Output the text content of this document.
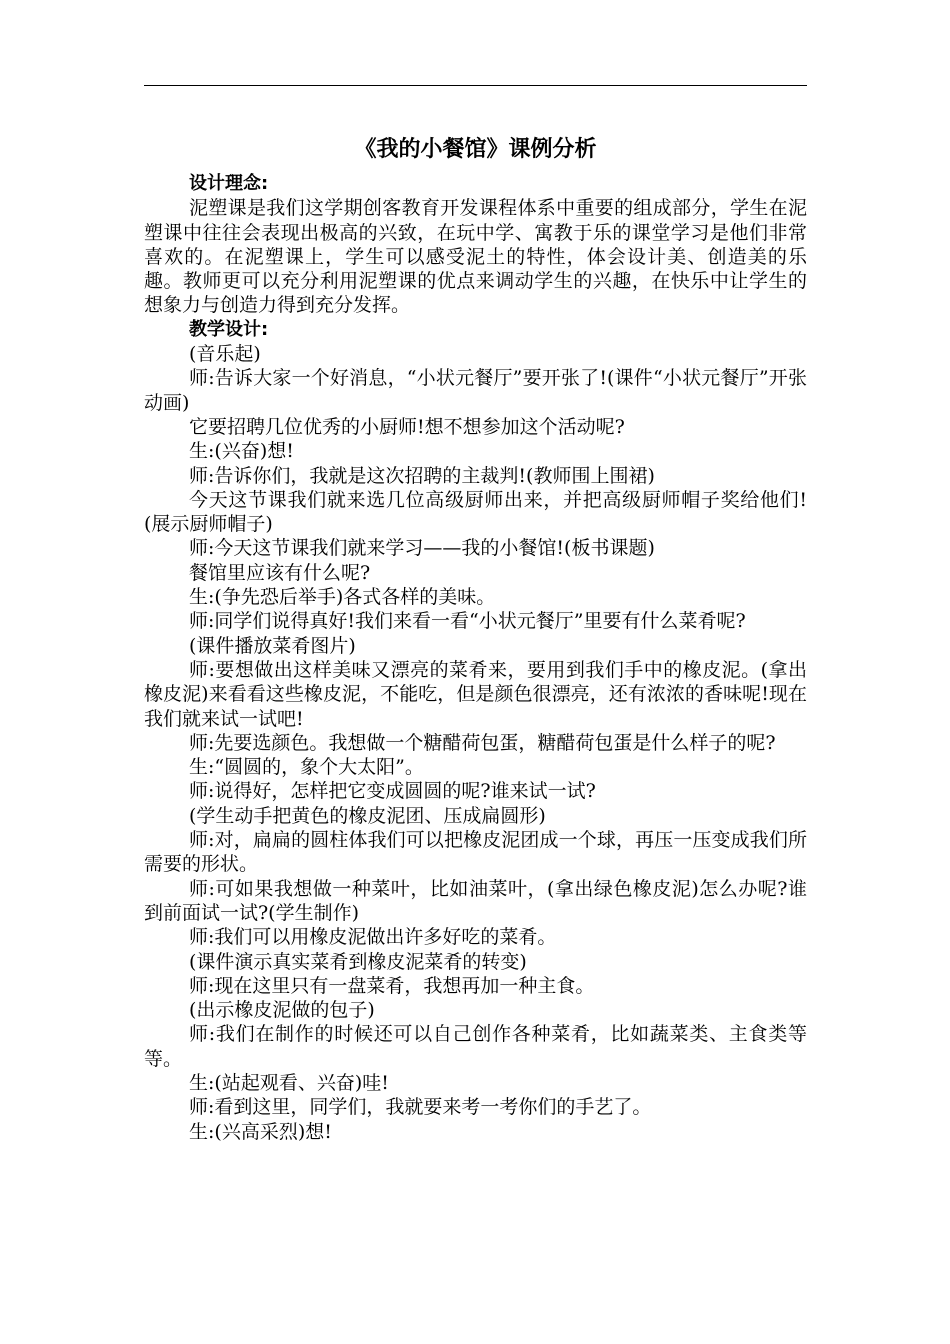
《我的小餐馆》课例分析

设计理念:

泥塑课是我们这学期创客教育开发课程体系中重要的组成部分，学生在泥塑课中往往会表现出极高的兴致，在玩中学、寓教于乐的课堂学习是他们非常喜欢的。在泥塑课上，学生可以感受泥土的特性，体会设计美、创造美的乐趣。教师更可以充分利用泥塑课的优点来调动学生的兴趣，在快乐中让学生的想象力与创造力得到充分发挥。

教学设计:

(音乐起)

师:告诉大家一个好消息，“小状元餐厅”要开张了!(课件“小状元餐厅”开张动画)

它要招聘几位优秀的小厨师!想不想参加这个活动呢?

生:(兴奋)想!

师:告诉你们，我就是这次招聘的主裁判!(教师围上围裙)

今天这节课我们就来选几位高级厨师出来，并把高级厨师帽子奖给他们!(展示厨师帽子)

师:今天这节课我们就来学习——我的小餐馆!(板书课题)

餐馆里应该有什么呢?

生:(争先恐后举手)各式各样的美味。

师:同学们说得真好!我们来看一看“小状元餐厅”里要有什么菜肴呢?

(课件播放菜肴图片)

师:要想做出这样美味又漂亮的菜肴来，要用到我们手中的橡皮泥。(拿出橡皮泥)来看看这些橡皮泥，不能吃，但是颜色很漂亮，还有浓浓的香味呢!现在我们就来试一试吧!

师:先要选颜色。我想做一个糖醋荷包蛋，糖醋荷包蛋是什么样子的呢?

生:“圆圆的，象个大太阳”。

师:说得好，怎样把它变成圆圆的呢?谁来试一试?

(学生动手把黄色的橡皮泥团、压成扁圆形)

师:对，扁扁的圆柱体我们可以把橡皮泥团成一个球，再压一压变成我们所需要的形状。

师:可如果我想做一种菜叶，比如油菜叶，(拿出绿色橡皮泥)怎么办呢?谁到前面试一试?(学生制作)

师:我们可以用橡皮泥做出许多好吃的菜肴。

(课件演示真实菜肴到橡皮泥菜肴的转变)

师:现在这里只有一盘菜肴，我想再加一种主食。

(出示橡皮泥做的包子)

师:我们在制作的时候还可以自己创作各种菜肴，比如蔬菜类、主食类等等。

生:(站起观看、兴奋)哇!

师:看到这里，同学们，我就要来考一考你们的手艺了。

生:(兴高采烈)想!
